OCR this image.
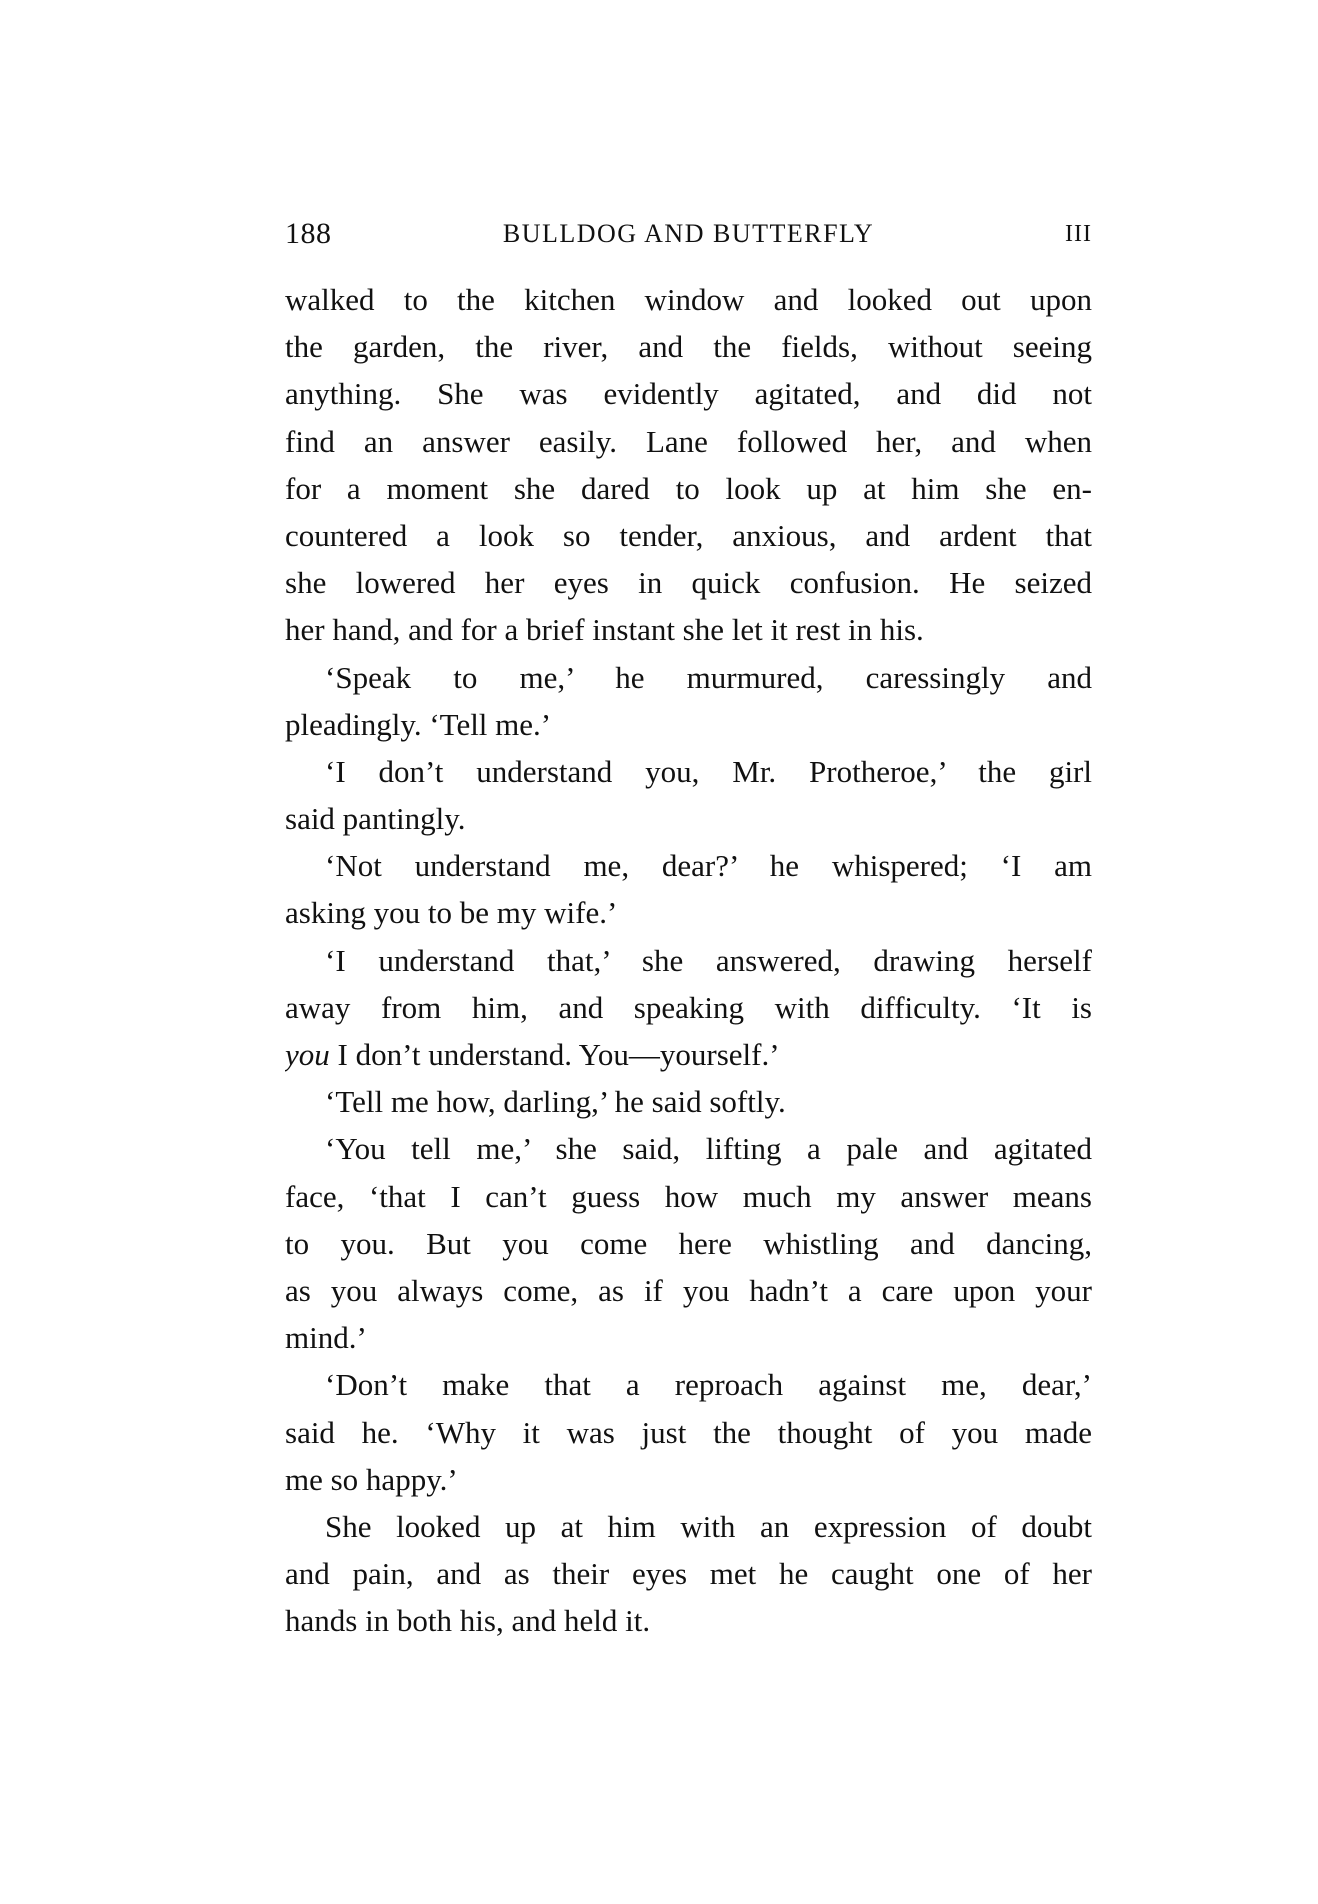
188	BULLDOG AND BUTTERFLY	III
walked to the kitchen window and looked out upon
the garden, the river, and the fields, without seeing
anything. She was evidently agitated, and did not
find an answer easily. Lane followed her, and when
for a moment she dared to look up at him she en-
countered a look so tender, anxious, and ardent that
she lowered her eyes in quick confusion. He seized
her hand, and for a brief instant she let it rest in his.
‘Speak to me,’ he murmured, caressingly and
pleadingly. ‘Tell me.’
‘I don’t understand you, Mr. Protheroe,’ the girl
said pantingly.
‘Not understand me, dear?’ he whispered; ‘I am
asking you to be my wife.’
‘I understand that,’ she answered, drawing herself
away from him, and speaking with difficulty. ‘It is
you I don’t understand. You—yourself.’
‘Tell me how, darling,’ he said softly.
‘You tell me,’ she said, lifting a pale and agitated
face, ‘that I can’t guess how much my answer means
to you. But you come here whistling and dancing,
as you always come, as if you hadn’t a care upon your
mind.’
‘Don’t make that a reproach against me, dear,’
said he. ‘Why it was just the thought of you made
me so happy.’
She looked up at him with an expression of doubt
and pain, and as their eyes met he caught one of her
hands in both his, and held it.
